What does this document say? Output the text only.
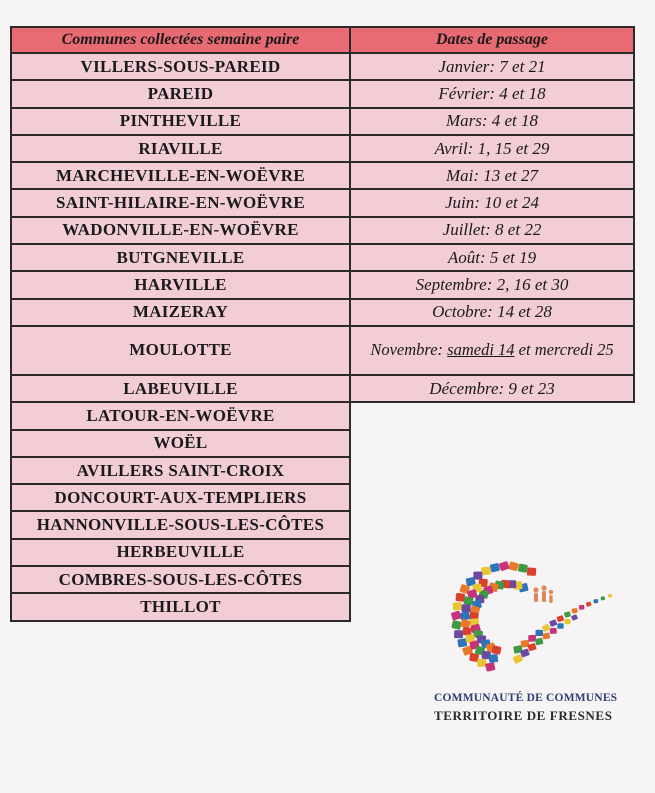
Communes collectées semaine paire	Dates de passage
VILLERS-SOUS-PAREID	Janvier: 7 et 21
PAREID	Février: 4 et 18
PINTHEVILLE	Mars: 4 et 18
RIAVILLE	Avril: 1, 15 et 29
MARCHEVILLE-EN-WOËVRE	Mai: 13 et 27
SAINT-HILAIRE-EN-WOËVRE	Juin: 10 et 24
WADONVILLE-EN-WOËVRE	Juillet: 8 et 22
BUTGNEVILLE	Août: 5 et 19
HARVILLE	Septembre: 2, 16 et 30
MAIZERAY	Octobre: 14 et 28
MOULOTTE	Novembre: samedi 14 et mercredi 25
LABEUVILLE	Décembre: 9 et 23
LATOUR-EN-WOËVRE	
WOËL	
AVILLERS SAINT-CROIX	
DONCOURT-AUX-TEMPLIERS	
HANNONVILLE-SOUS-LES-CÔTES	
HERBEUVILLE	
COMBRES-SOUS-LES-CÔTES	
THILLOT	
COMMUNAUTÉ DE COMMUNES
TERRITOIRE DE FRESNES
